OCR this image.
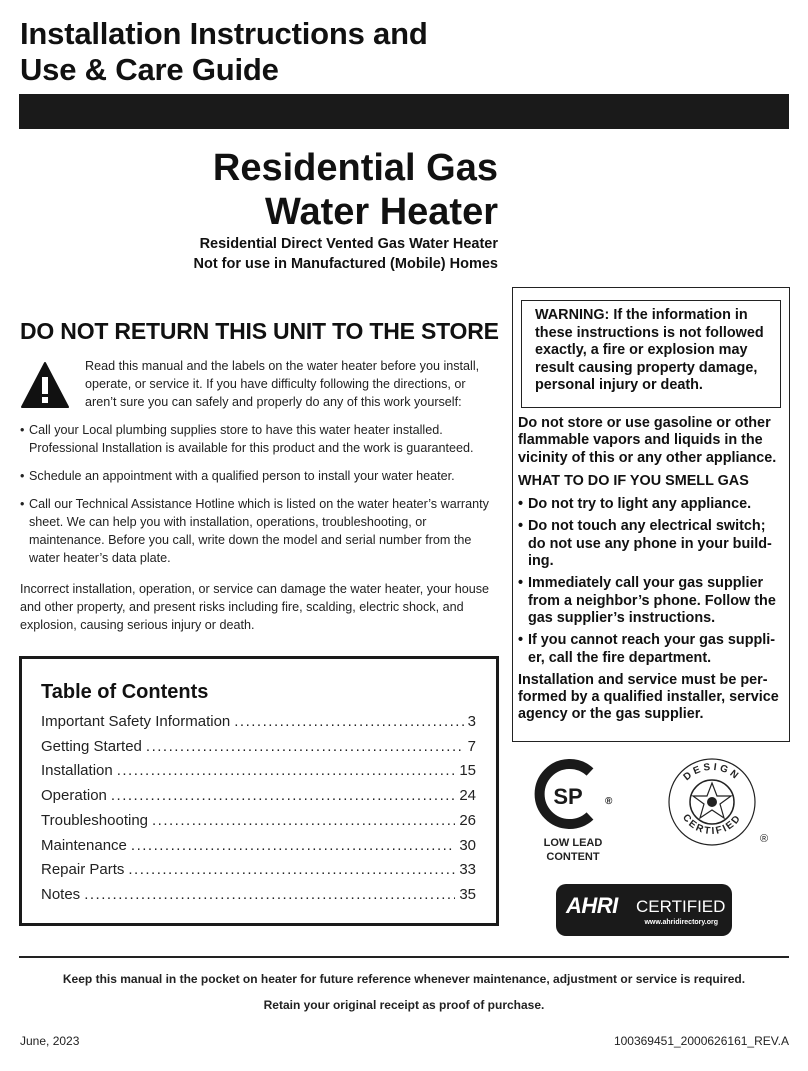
Installation Instructions and
Use & Care Guide
Residential Gas
Water Heater
Residential Direct Vented Gas Water Heater
Not for use in Manufactured (Mobile) Homes
DO NOT RETURN THIS UNIT TO THE STORE

Read this manual and the labels on the water heater before you install, operate, or service it. If you have difficulty following the directions, or aren’t sure you can safely and properly do any of this work yourself:

• Call your Local plumbing supplies store to have this water heater installed. Professional Installation is available for this product and the work is guaranteed.
• Schedule an appointment with a qualified person to install your water heater.
• Call our Technical Assistance Hotline which is listed on the water heater’s warranty sheet. We can help you with installation, operations, troubleshooting, or maintenance. Before you call, write down the model and serial number from the water heater’s data plate.

Incorrect installation, operation, or service can damage the water heater, your house and other property, and present risks including fire, scalding, electric shock, and explosion, causing serious injury or death.

Table of Contents
Important Safety Information .....	3
Getting Started .....	7
Installation .....	15
Operation .....	24
Troubleshooting .....	26
Maintenance .....	30
Repair Parts .....	33
Notes .....	35
WARNING: If the information in these instructions is not followed exactly, a fire or explosion may result causing property damage, personal injury or death.

Do not store or use gasoline or other flammable vapors and liquids in the vicinity of this or any other appliance.

WHAT TO DO IF YOU SMELL GAS

• Do not try to light any appliance.
• Do not touch any electrical switch; do not use any phone in your build-ing.
• Immediately call your gas supplier from a neighbor’s phone. Follow the gas supplier’s instructions.
• If you cannot reach your gas suppli-er, call the fire department.

Installation and service must be per-formed by a qualified installer, service agency or the gas supplier.

SP ®
LOW LEAD
CONTENT
DESIGN
CERTIFIED
®
AHRI CERTIFIED
www.ahridirectory.org
Keep this manual in the pocket on heater for future reference whenever maintenance, adjustment or service is required.
Retain your original receipt as proof of purchase.
June, 2023	100369451_2000626161_REV.A
